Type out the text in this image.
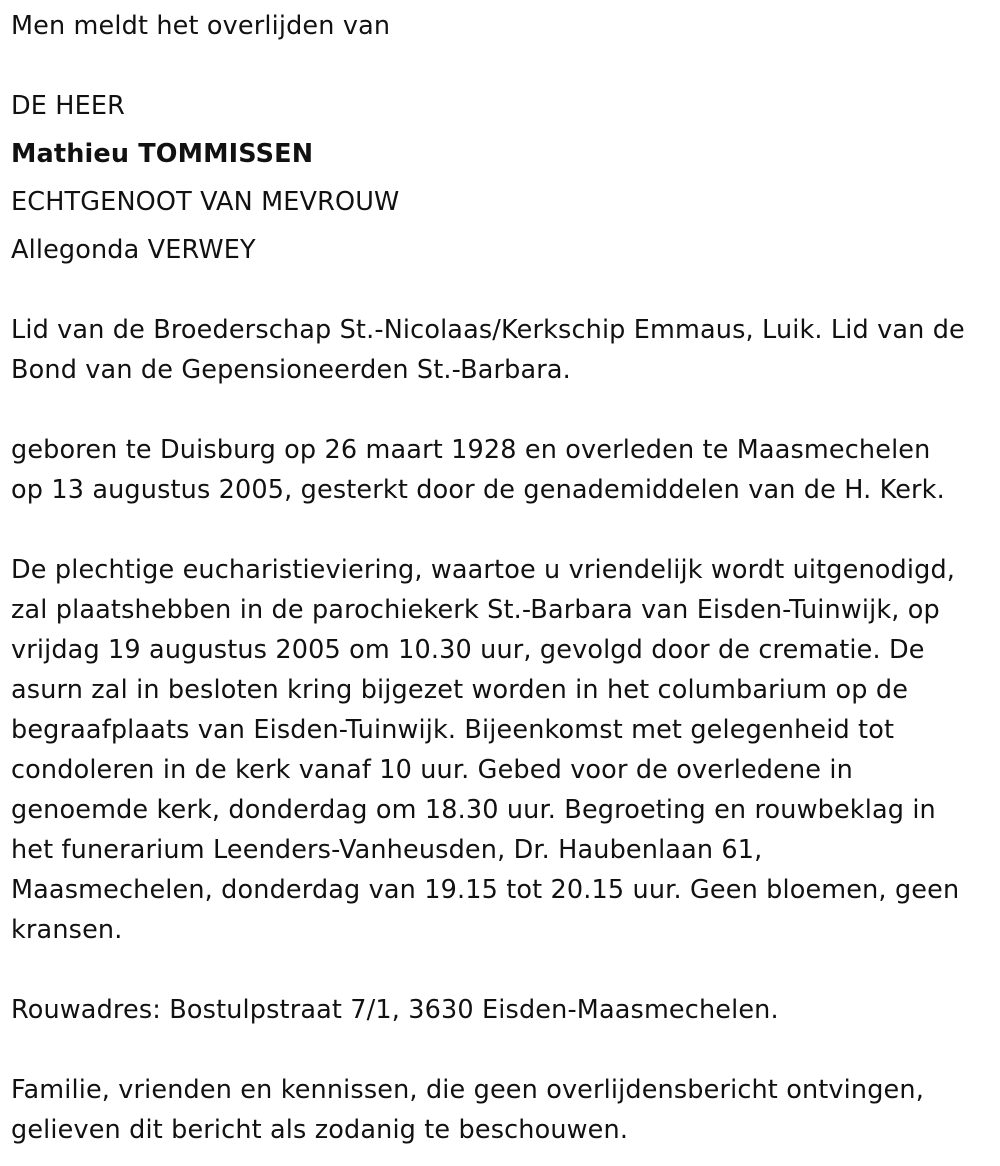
Men meldt het overlijden van

DE HEER

Mathieu TOMMISSEN

ECHTGENOOT VAN MEVROUW

Allegonda VERWEY

Lid van de Broederschap St.-Nicolaas/Kerkschip Emmaus, Luik. Lid van de
Bond van de Gepensioneerden St.-Barbara.
geboren te Duisburg op 26 maart 1928 en overleden te Maasmechelen
op 13 augustus 2005, gesterkt door de genademiddelen van de H. Kerk.
De plechtige eucharistieviering, waartoe u vriendelijk wordt uitgenodigd,
zal plaatshebben in de parochiekerk St.-Barbara van Eisden-Tuinwijk, op
vrijdag 19 augustus 2005 om 10.30 uur, gevolgd door de crematie. De
asurn zal in besloten kring bijgezet worden in het columbarium op de
begraafplaats van Eisden-Tuinwijk. Bijeenkomst met gelegenheid tot
condoleren in de kerk vanaf 10 uur. Gebed voor de overledene in
genoemde kerk, donderdag om 18.30 uur. Begroeting en rouwbeklag in
het funerarium Leenders-Vanheusden, Dr. Haubenlaan 61,
Maasmechelen, donderdag van 19.15 tot 20.15 uur. Geen bloemen, geen
kransen.

Rouwadres: Bostulpstraat 7/1, 3630 Eisden-Maasmechelen.

Familie, vrienden en kennissen, die geen overlijdensbericht ontvingen,
gelieven dit bericht als zodanig te beschouwen.
